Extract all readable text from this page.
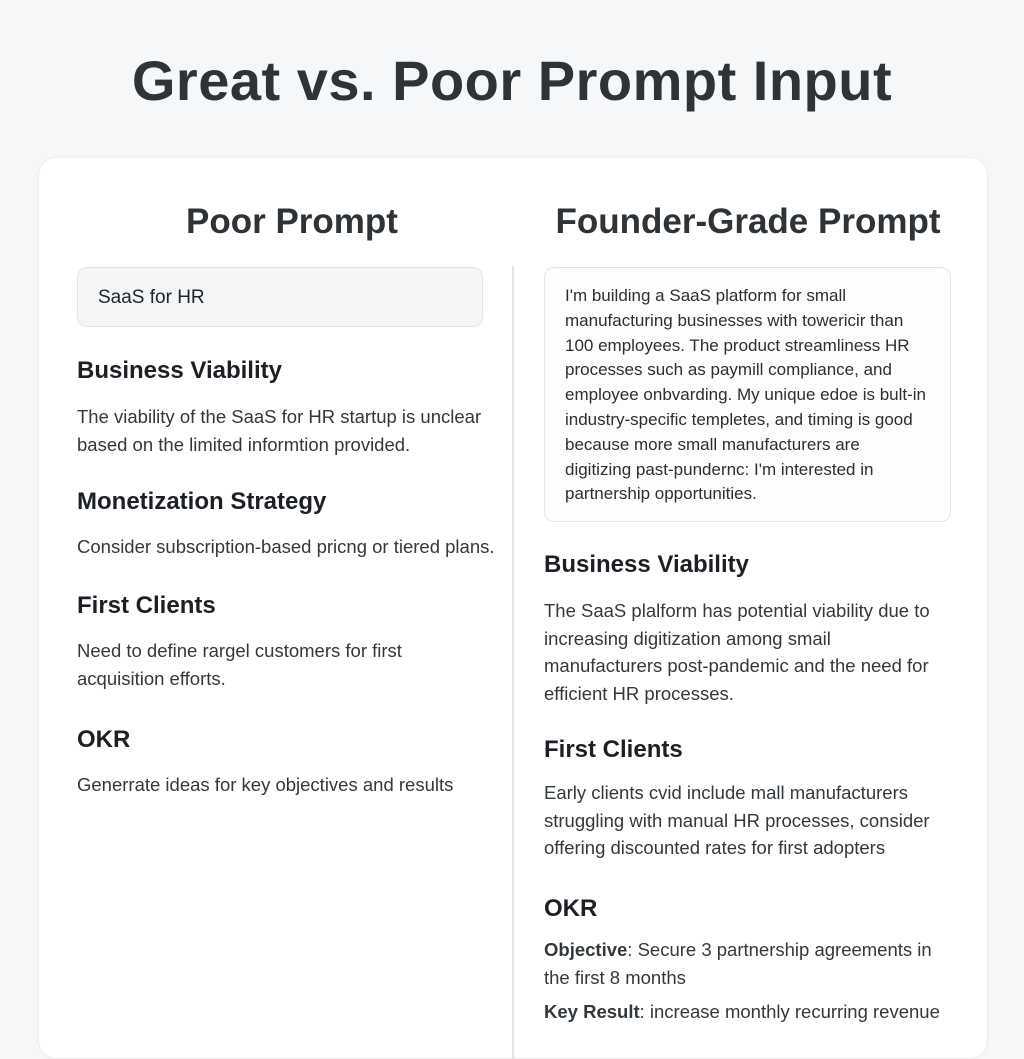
Great vs. Poor Prompt Input
Poor Prompt
SaaS for HR
Business Viability

The viability of the SaaS for HR startup is unclear based on the limited informtion provided.

Monetization Strategy

Consider subscription-based pricng or tiered plans.

First Clients

Need to define rargel customers for first acquisition efforts.

OKR

Generrate ideas for key objectives and results

Founder-Grade Prompt
I'm building a SaaS platform for small manufacturing businesses with towericir than 100 employees. The product streamliness HR processes such as paymill compliance, and employee onbvarding. My unique edoe is bult-in industry-specific templetes, and timing is good because more small manufacturers are digitizing past-pundernc: I'm interested in partnership opportunities.
Business Viability

The SaaS plalform has potential viability due to increasing digitization among smail manufacturers post-pandemic and the need for efficient HR processes.

First Clients

Early clients cvid include mall manufacturers struggling with manual HR processes, consider offering discounted rates for first adopters

OKR

Objective: Secure 3 partnership agreements in the first 8 months

Key Result: increase monthly recurring revenue
